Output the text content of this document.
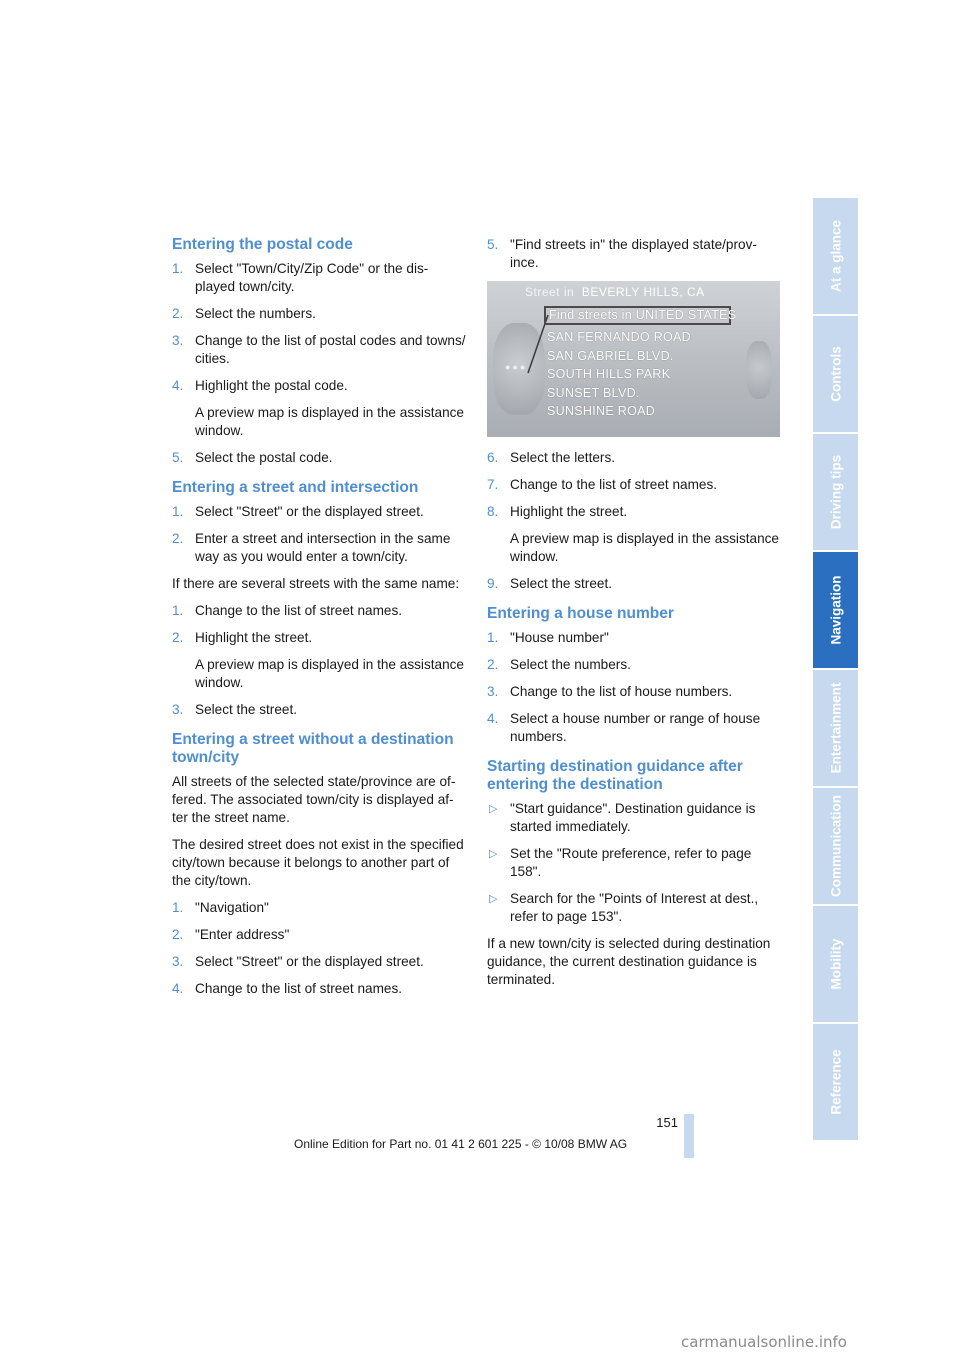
Entering the postal code
1. Select "Town/City/Zip Code" or the dis-played town/city.
2. Select the numbers.
3. Change to the list of postal codes and towns/ cities.
4. Highlight the postal code.
A preview map is displayed in the assistance window.
5. Select the postal code.
Entering a street and intersection
1. Select "Street" or the displayed street.
2. Enter a street and intersection in the same way as you would enter a town/city.

If there are several streets with the same name:

1. Change to the list of street names.
2. Highlight the street.
A preview map is displayed in the assistance window.
3. Select the street.
Entering a street without a destination town/city

All streets of the selected state/province are of-fered. The associated town/city is displayed af-ter the street name.

The desired street does not exist in the specified city/town because it belongs to another part of the city/town.

1. "Navigation"
2. "Enter address"
3. Select "Street" or the displayed street.
4. Change to the list of street names.
5. "Find streets in" the displayed state/prov-ince.
●●●
Street in BEVERLY HILLS, CA
Find streets in UNITED STATES
SAN FERNANDO ROAD
SAN GABRIEL BLVD.
SOUTH HILLS PARK
SUNSET BLVD.
SUNSHINE ROAD
6. Select the letters.
7. Change to the list of street names.
8. Highlight the street.
A preview map is displayed in the assistance window.
9. Select the street.
Entering a house number
1. "House number"
2. Select the numbers.
3. Change to the list of house numbers.
4. Select a house number or range of house numbers.
Starting destination guidance after entering the destination
▷ "Start guidance". Destination guidance is started immediately.
▷ Set the "Route preference, refer to page 158".
▷ Search for the "Points of Interest at dest., refer to page 153".

If a new town/city is selected during destination guidance, the current destination guidance is terminated.

At a glance
Controls
Driving tips
Navigation
Entertainment
Communication
Mobility
Reference
151
Online Edition for Part no. 01 41 2 601 225 - © 10/08 BMW AG
carmanualsonline.info
